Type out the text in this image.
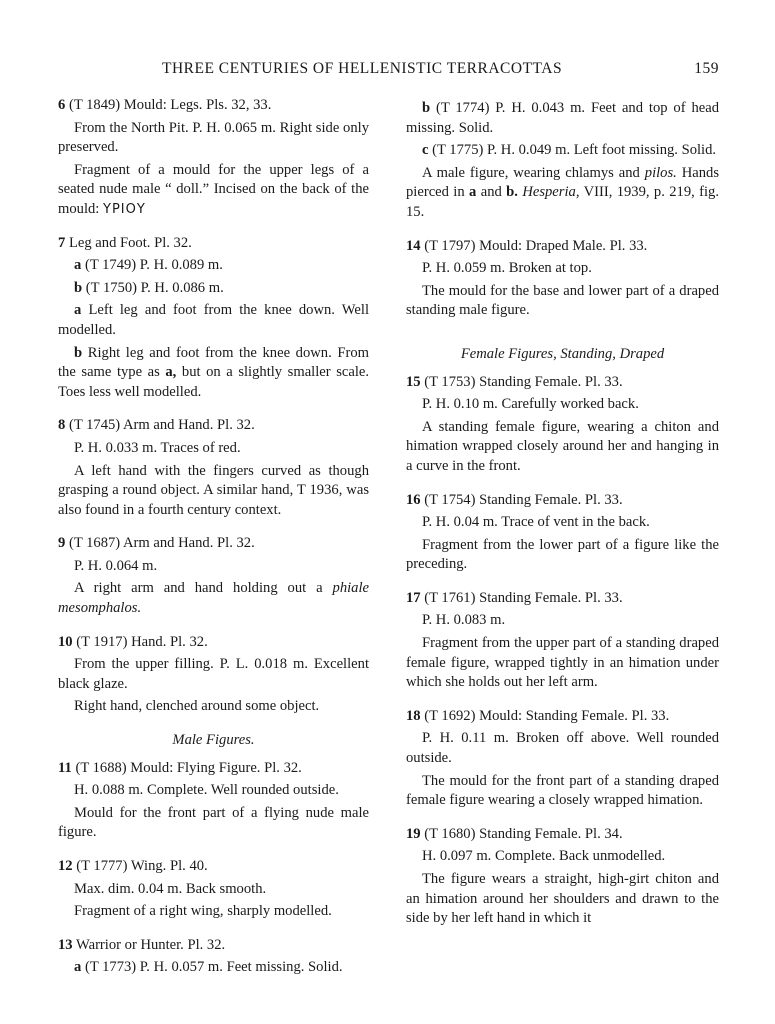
THREE CENTURIES OF HELLENISTIC TERRACOTTAS	159

6 (T 1849) Mould: Legs. Pls. 32, 33.

From the North Pit. P. H. 0.065 m. Right side only preserved.

Fragment of a mould for the upper legs of a seated nude male “ doll.” Incised on the back of the mould: ΥΡΙΟΥ

7 Leg and Foot. Pl. 32.

a (T 1749) P. H. 0.089 m.

b (T 1750) P. H. 0.086 m.

a Left leg and foot from the knee down. Well modelled.

b Right leg and foot from the knee down. From the same type as a, but on a slightly smaller scale. Toes less well modelled.

8 (T 1745) Arm and Hand. Pl. 32.

P. H. 0.033 m. Traces of red.

A left hand with the fingers curved as though grasping a round object. A similar hand, T 1936, was also found in a fourth century context.

9 (T 1687) Arm and Hand. Pl. 32.

P. H. 0.064 m.

A right arm and hand holding out a phiale mesomphalos.

10 (T 1917) Hand. Pl. 32.

From the upper filling. P. L. 0.018 m. Excellent black glaze.

Right hand, clenched around some object.

Male Figures.

11 (T 1688) Mould: Flying Figure. Pl. 32.

H. 0.088 m. Complete. Well rounded outside.

Mould for the front part of a flying nude male figure.

12 (T 1777) Wing. Pl. 40.

Max. dim. 0.04 m. Back smooth.

Fragment of a right wing, sharply modelled.

13 Warrior or Hunter. Pl. 32.

a (T 1773) P. H. 0.057 m. Feet missing. Solid.

b (T 1774) P. H. 0.043 m. Feet and top of head missing. Solid.

c (T 1775) P. H. 0.049 m. Left foot missing. Solid.

A male figure, wearing chlamys and pilos. Hands pierced in a and b. Hesperia, VIII, 1939, p. 219, fig. 15.

14 (T 1797) Mould: Draped Male. Pl. 33.

P. H. 0.059 m. Broken at top.

The mould for the base and lower part of a draped standing male figure.

Female Figures, Standing, Draped

15 (T 1753) Standing Female. Pl. 33.

P. H. 0.10 m. Carefully worked back.

A standing female figure, wearing a chiton and himation wrapped closely around her and hanging in a curve in the front.

16 (T 1754) Standing Female. Pl. 33.

P. H. 0.04 m. Trace of vent in the back.

Fragment from the lower part of a figure like the preceding.

17 (T 1761) Standing Female. Pl. 33.

P. H. 0.083 m.

Fragment from the upper part of a standing draped female figure, wrapped tightly in an himation under which she holds out her left arm.

18 (T 1692) Mould: Standing Female. Pl. 33.

P. H. 0.11 m. Broken off above. Well rounded outside.

The mould for the front part of a standing draped female figure wearing a closely wrapped himation.

19 (T 1680) Standing Female. Pl. 34.

H. 0.097 m. Complete. Back unmodelled.

The figure wears a straight, high-girt chiton and an himation around her shoulders and drawn to the side by her left hand in which it
